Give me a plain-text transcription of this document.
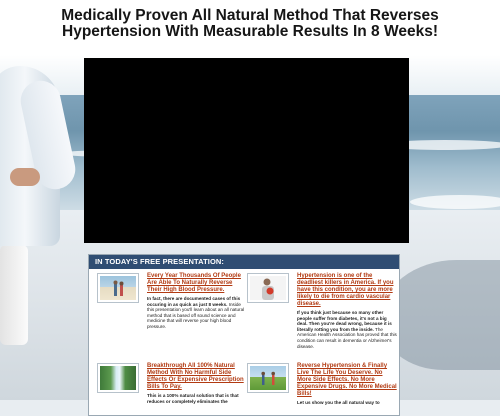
Medically Proven All Natural Method That Reverses Hypertension With Measurable Results In 8 Weeks!
IN TODAY'S FREE PRESENTATION:
Every Year Thousands Of People Are Able To Naturally Reverse Their High Blood Pressure.
In fact, there are documented cases of this occuring in as quick as just 8 weeks. Inside this presentation you'll learn about an all natural method that is based off sound science and medicine that will reverse your high blood pressure.
Hypertension is one of the deadliest killers in America. If you have this condition, you are more likely to die from cardio vascular disease.
If you think just because so many other people suffer from diabetes, it's not a big deal. Then you're dead wrong, because it is literally rotting you from the inside. The American Health Association has proved that this condition can result in dementia or Alzheimer's disease.
Breakthrough All 100% Natural Method With No Harmful Side Effects Or Expensive Prescription Bills To Pay.
This is a 100% natural solution that is that reduces or completely eliminates the
Reverse Hypertension & Finally Live The Life You Deserve. No More Side Effects. No More Expensive Drugs. No More Medical Bills!
Let us show you the all natural way to
